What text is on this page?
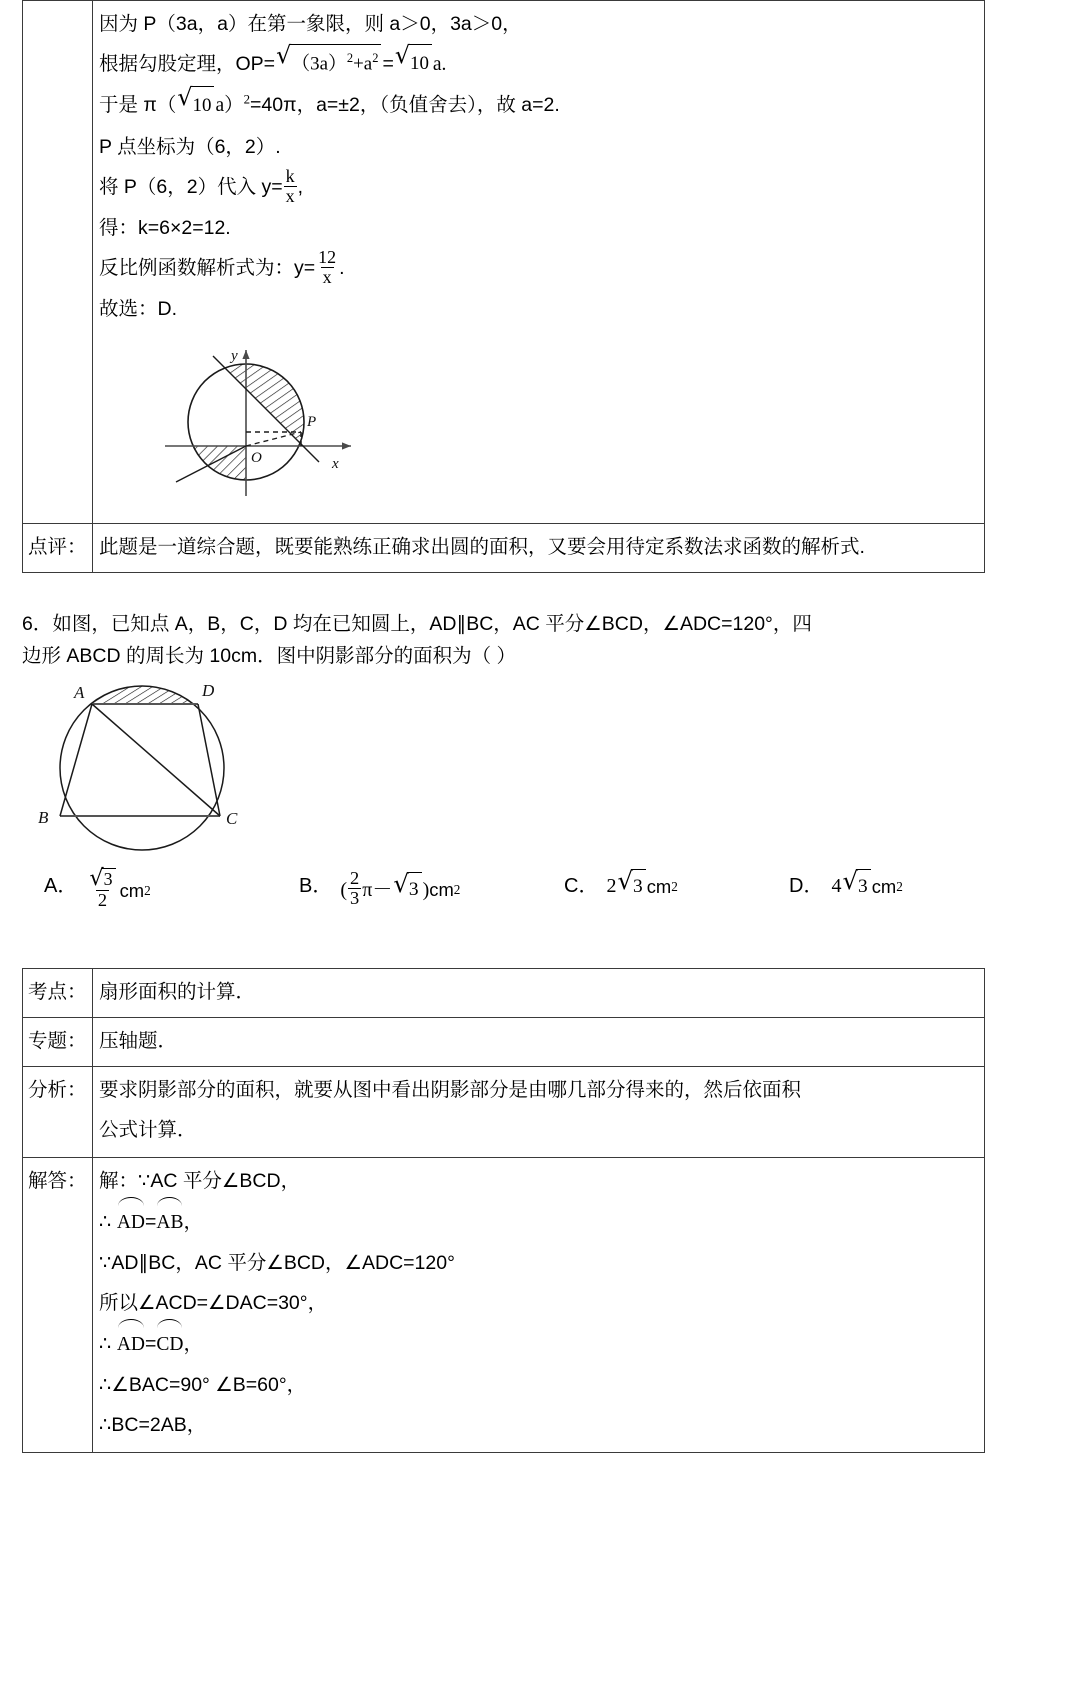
因为 P（3a，a）在第一象限，则 a＞0，3a＞0，
根据勾股定理，OP= √ $(3a)^2+a^2$ = √ 10 a.
于是 π（ √ 10 a）$^2$=40π，a=±2，（负值舍去），故 a=2.
P 点坐标为（6，2）.
将 P（6，2）代入 $y= \frac{k}{x}$ ,
得：k=6×2=12.
反比例函数解析式为：$y= \frac{12}{x}$ .
故选：D.
y
x
O
P

点评：	此题是一道综合题，既要能熟练正确求出圆的面积，又要会用待定系数法求函数的解析式.

6．如图，已知点 A，B，C，D 均在已知圆上，AD∥BC，AC 平分∠BCD，∠ADC=120°，四

边形 ABCD 的周长为 10cm．图中阴影部分的面积为（ ）

A	D
B	C
A． $\frac{√ 3}{2}$ cm 2	B． ( $\frac{2}{3}$ π － √ 3 ) cm 2	C． 2 √ 3 cm 2	D． 4 √ 3 cm 2
考点：	扇形面积的计算．
专题：	压轴题．
分析：	要求阴影部分的面积，就要从图中看出阴影部分是由哪几部分得来的，然后依面积
公式计算．

解答：	解：∵AC 平分∠BCD，
∴ AD=AB，
∵AD∥BC，AC 平分∠BCD，∠ADC=120°
所以∠ACD=∠DAC=30°，
∴ AD=CD，
∴∠BAC=90° ∠B=60°，
∴BC=2AB，
